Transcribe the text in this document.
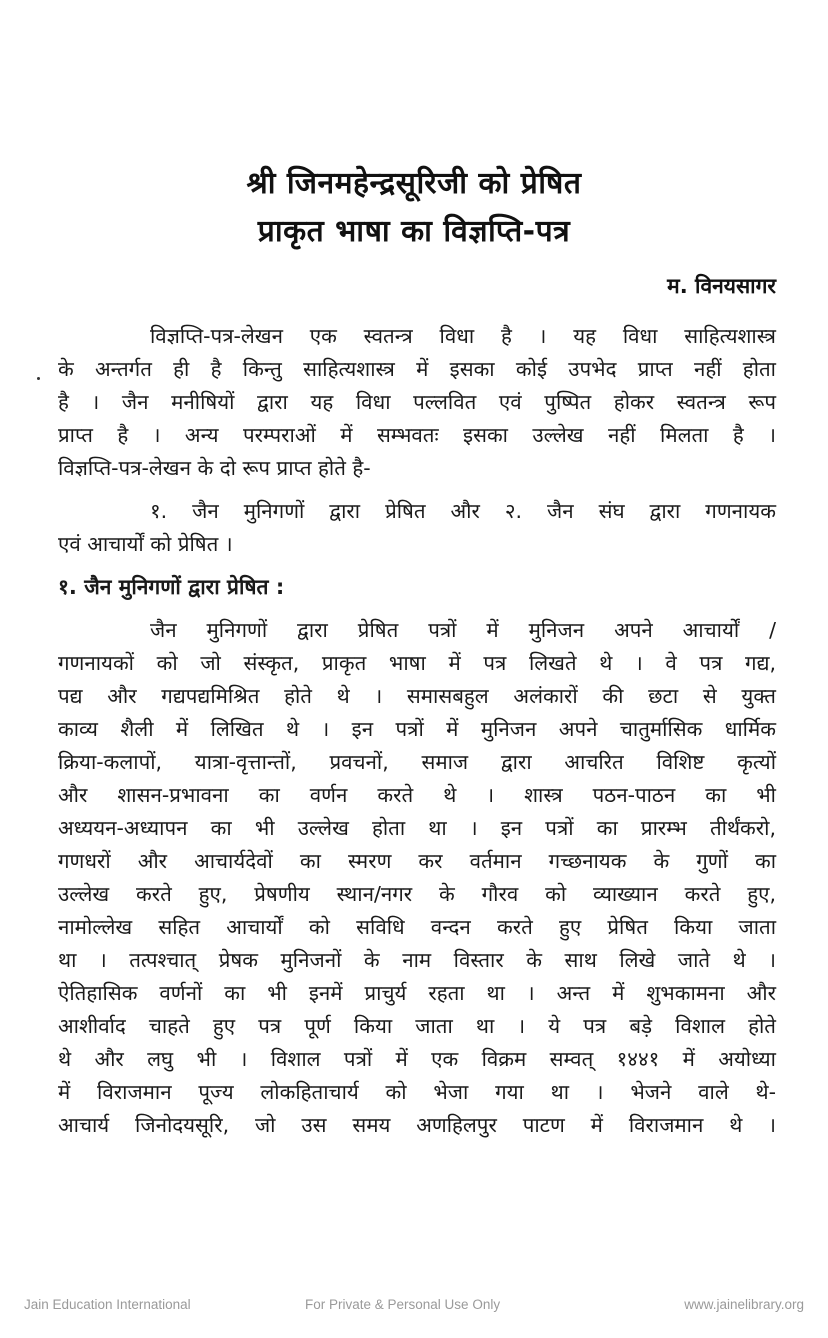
श्री जिनमहेन्द्रसूरिजी को प्रेषित
प्राकृत भाषा का विज्ञप्ति-पत्र
म. विनयसागर
विज्ञप्ति-पत्र-लेखन एक स्वतन्त्र विधा है । यह विधा साहित्यशास्त्र
के अन्तर्गत ही है किन्तु साहित्यशास्त्र में इसका कोई उपभेद प्राप्त नहीं होता
है । जैन मनीषियों द्वारा यह विधा पल्लवित एवं पुष्पित होकर स्वतन्त्र रूप
प्राप्त है । अन्य परम्पराओं में सम्भवतः इसका उल्लेख नहीं मिलता है ।
विज्ञप्ति-पत्र-लेखन के दो रूप प्राप्त होते है-
१. जैन मुनिगणों द्वारा प्रेषित और २. जैन संघ द्वारा गणनायक
एवं आचार्यों को प्रेषित ।
१. जैन मुनिगणों द्वारा प्रेषित :
जैन मुनिगणों द्वारा प्रेषित पत्रों में मुनिजन अपने आचार्यों /
गणनायकों को जो संस्कृत, प्राकृत भाषा में पत्र लिखते थे । वे पत्र गद्य,
पद्य और गद्यपद्यमिश्रित होते थे । समासबहुल अलंकारों की छटा से युक्त
काव्य शैली में लिखित थे । इन पत्रों में मुनिजन अपने चातुर्मासिक धार्मिक
क्रिया-कलापों, यात्रा-वृत्तान्तों, प्रवचनों, समाज द्वारा आचरित विशिष्ट कृत्यों
और शासन-प्रभावना का वर्णन करते थे । शास्त्र पठन-पाठन का भी
अध्ययन-अध्यापन का भी उल्लेख होता था । इन पत्रों का प्रारम्भ तीर्थंकरो,
गणधरों और आचार्यदेवों का स्मरण कर वर्तमान गच्छनायक के गुणों का
उल्लेख करते हुए, प्रेषणीय स्थान/नगर के गौरव को व्याख्यान करते हुए,
नामोल्लेख सहित आचार्यों को सविधि वन्दन करते हुए प्रेषित किया जाता
था । तत्पश्चात् प्रेषक मुनिजनों के नाम विस्तार के साथ लिखे जाते थे ।
ऐतिहासिक वर्णनों का भी इनमें प्राचुर्य रहता था । अन्त में शुभकामना और
आशीर्वाद चाहते हुए पत्र पूर्ण किया जाता था । ये पत्र बड़े विशाल होते
थे और लघु भी । विशाल पत्रों में एक विक्रम सम्वत् १४४१ में अयोध्या
में विराजमान पूज्य लोकहिताचार्य को भेजा गया था । भेजने वाले थे-
आचार्य जिनोदयसूरि, जो उस समय अणहिलपुर पाटण में विराजमान थे ।
Jain Education International	For Private & Personal Use Only	www.jainelibrary.org
